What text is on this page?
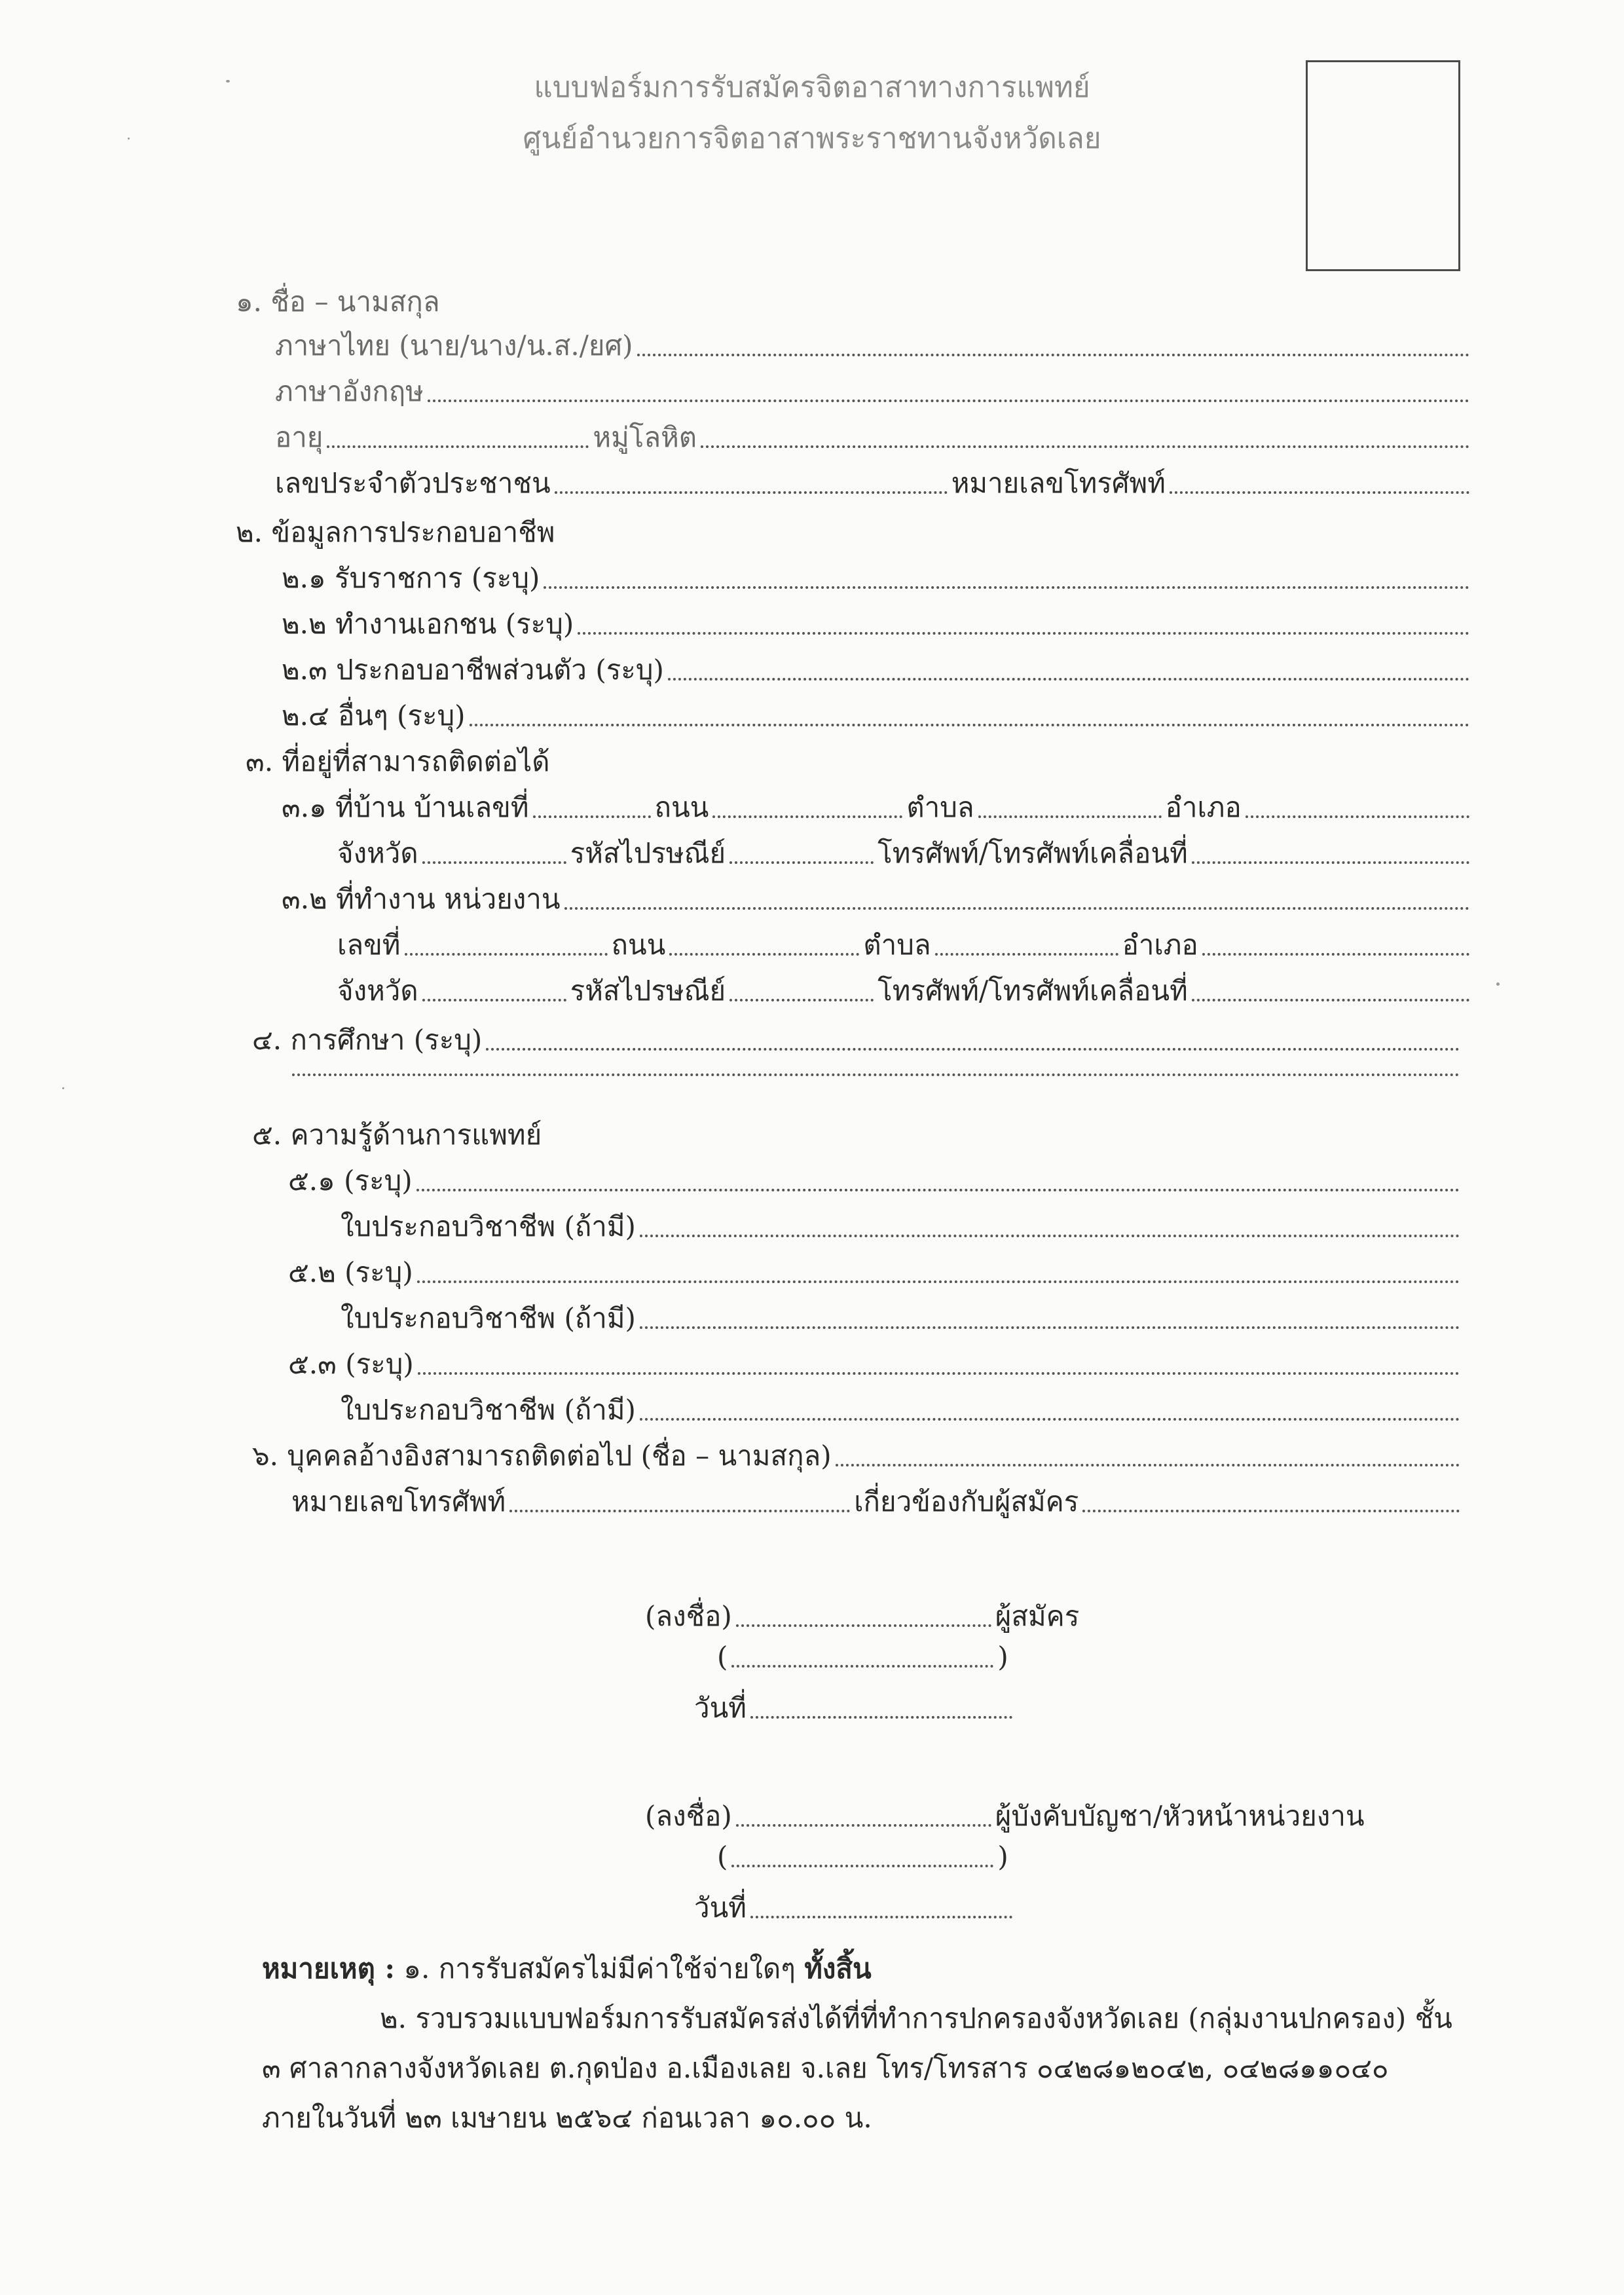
แบบฟอร์มการรับสมัครจิตอาสาทางการแพทย์
ศูนย์อำนวยการจิตอาสาพระราชทานจังหวัดเลย
๑. ชื่อ – นามสกุล
ภาษาไทย (นาย/นาง/น.ส./ยศ)
ภาษาอังกฤษ
อายุ	หมู่โลหิต
เลขประจำตัวประชาชน	หมายเลขโทรศัพท์
๒. ข้อมูลการประกอบอาชีพ
๒.๑ รับราชการ (ระบุ)
๒.๒ ทำงานเอกชน (ระบุ)
๒.๓ ประกอบอาชีพส่วนตัว (ระบุ)
๒.๔ อื่นๆ (ระบุ)
๓. ที่อยู่ที่สามารถติดต่อได้
๓.๑ ที่บ้าน บ้านเลขที่	ถนน	ตำบล	อำเภอ
จังหวัด	รหัสไปรษณีย์	โทรศัพท์/โทรศัพท์เคลื่อนที่
๓.๒ ที่ทำงาน หน่วยงาน
เลขที่	ถนน	ตำบล	อำเภอ
จังหวัด	รหัสไปรษณีย์	โทรศัพท์/โทรศัพท์เคลื่อนที่
๔. การศึกษา (ระบุ)
๕. ความรู้ด้านการแพทย์
๕.๑ (ระบุ)
ใบประกอบวิชาชีพ (ถ้ามี)
๕.๒ (ระบุ)
ใบประกอบวิชาชีพ (ถ้ามี)
๕.๓ (ระบุ)
ใบประกอบวิชาชีพ (ถ้ามี)
๖. บุคคลอ้างอิงสามารถติดต่อไป (ชื่อ – นามสกุล)
หมายเลขโทรศัพท์	เกี่ยวข้องกับผู้สมัคร
(ลงชื่อ)	ผู้สมัคร
(	)
วันที่
(ลงชื่อ)	ผู้บังคับบัญชา/หัวหน้าหน่วยงาน
(	)
วันที่
หมายเหตุ : ๑. การรับสมัครไม่มีค่าใช้จ่ายใดๆ ทั้งสิ้น
๒. รวบรวมแบบฟอร์มการรับสมัครส่งได้ที่ที่ทำการปกครองจังหวัดเลย (กลุ่มงานปกครอง) ชั้น ๓ ศาลากลางจังหวัดเลย ต.กุดป่อง อ.เมืองเลย จ.เลย โทร/โทรสาร ๐๔๒๘๑๒๐๔๒, ๐๔๒๘๑๑๐๔๐ ภายในวันที่ ๒๓ เมษายน ๒๕๖๔ ก่อนเวลา ๑๐.๐๐ น.
